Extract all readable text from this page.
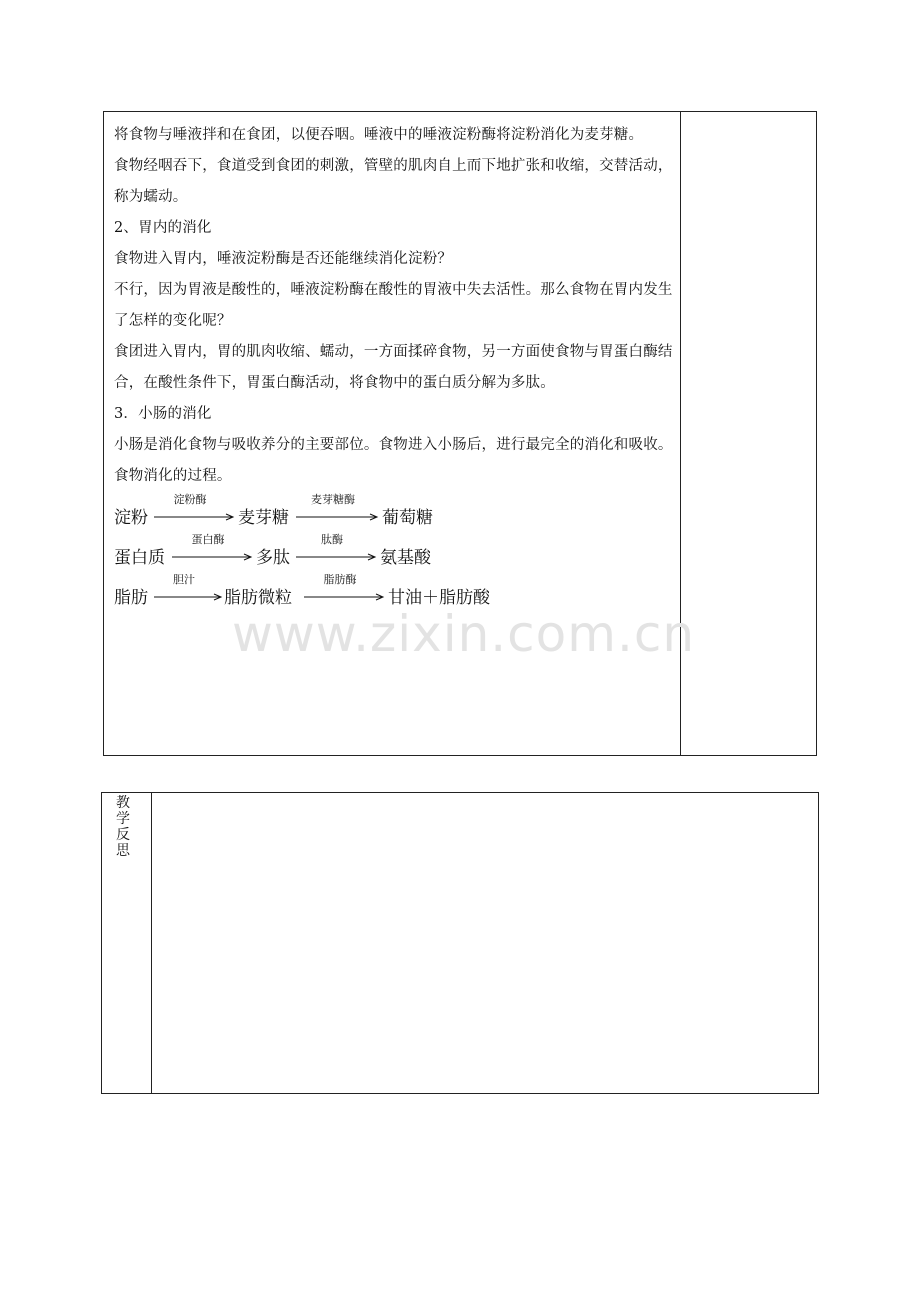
将食物与唾液拌和在食团，以便吞咽。唾液中的唾液淀粉酶将淀粉消化为麦芽糖。

食物经咽吞下，食道受到食团的刺激，管壁的肌肉自上而下地扩张和收缩，交替活动，称为蠕动。

2、胃内的消化

食物进入胃内，唾液淀粉酶是否还能继续消化淀粉？

不行，因为胃液是酸性的，唾液淀粉酶在酸性的胃液中失去活性。那么食物在胃内发生了怎样的变化呢？

食团进入胃内，胃的肌肉收缩、蠕动，一方面揉碎食物，另一方面使食物与胃蛋白酶结合，在酸性条件下，胃蛋白酶活动，将食物中的蛋白质分解为多肽。

3．小肠的消化

小肠是消化食物与吸收养分的主要部位。食物进入小肠后，进行最完全的消化和吸收。

食物消化的过程。

淀粉
淀粉酶
麦芽糖
麦芽糖酶
葡萄糖
蛋白质
蛋白酶
多肽
肽酶
氨基酸
脂肪
胆汁
脂肪微粒
脂肪酶
甘油＋脂肪酸
www.zixin.com.cn
教学反思
